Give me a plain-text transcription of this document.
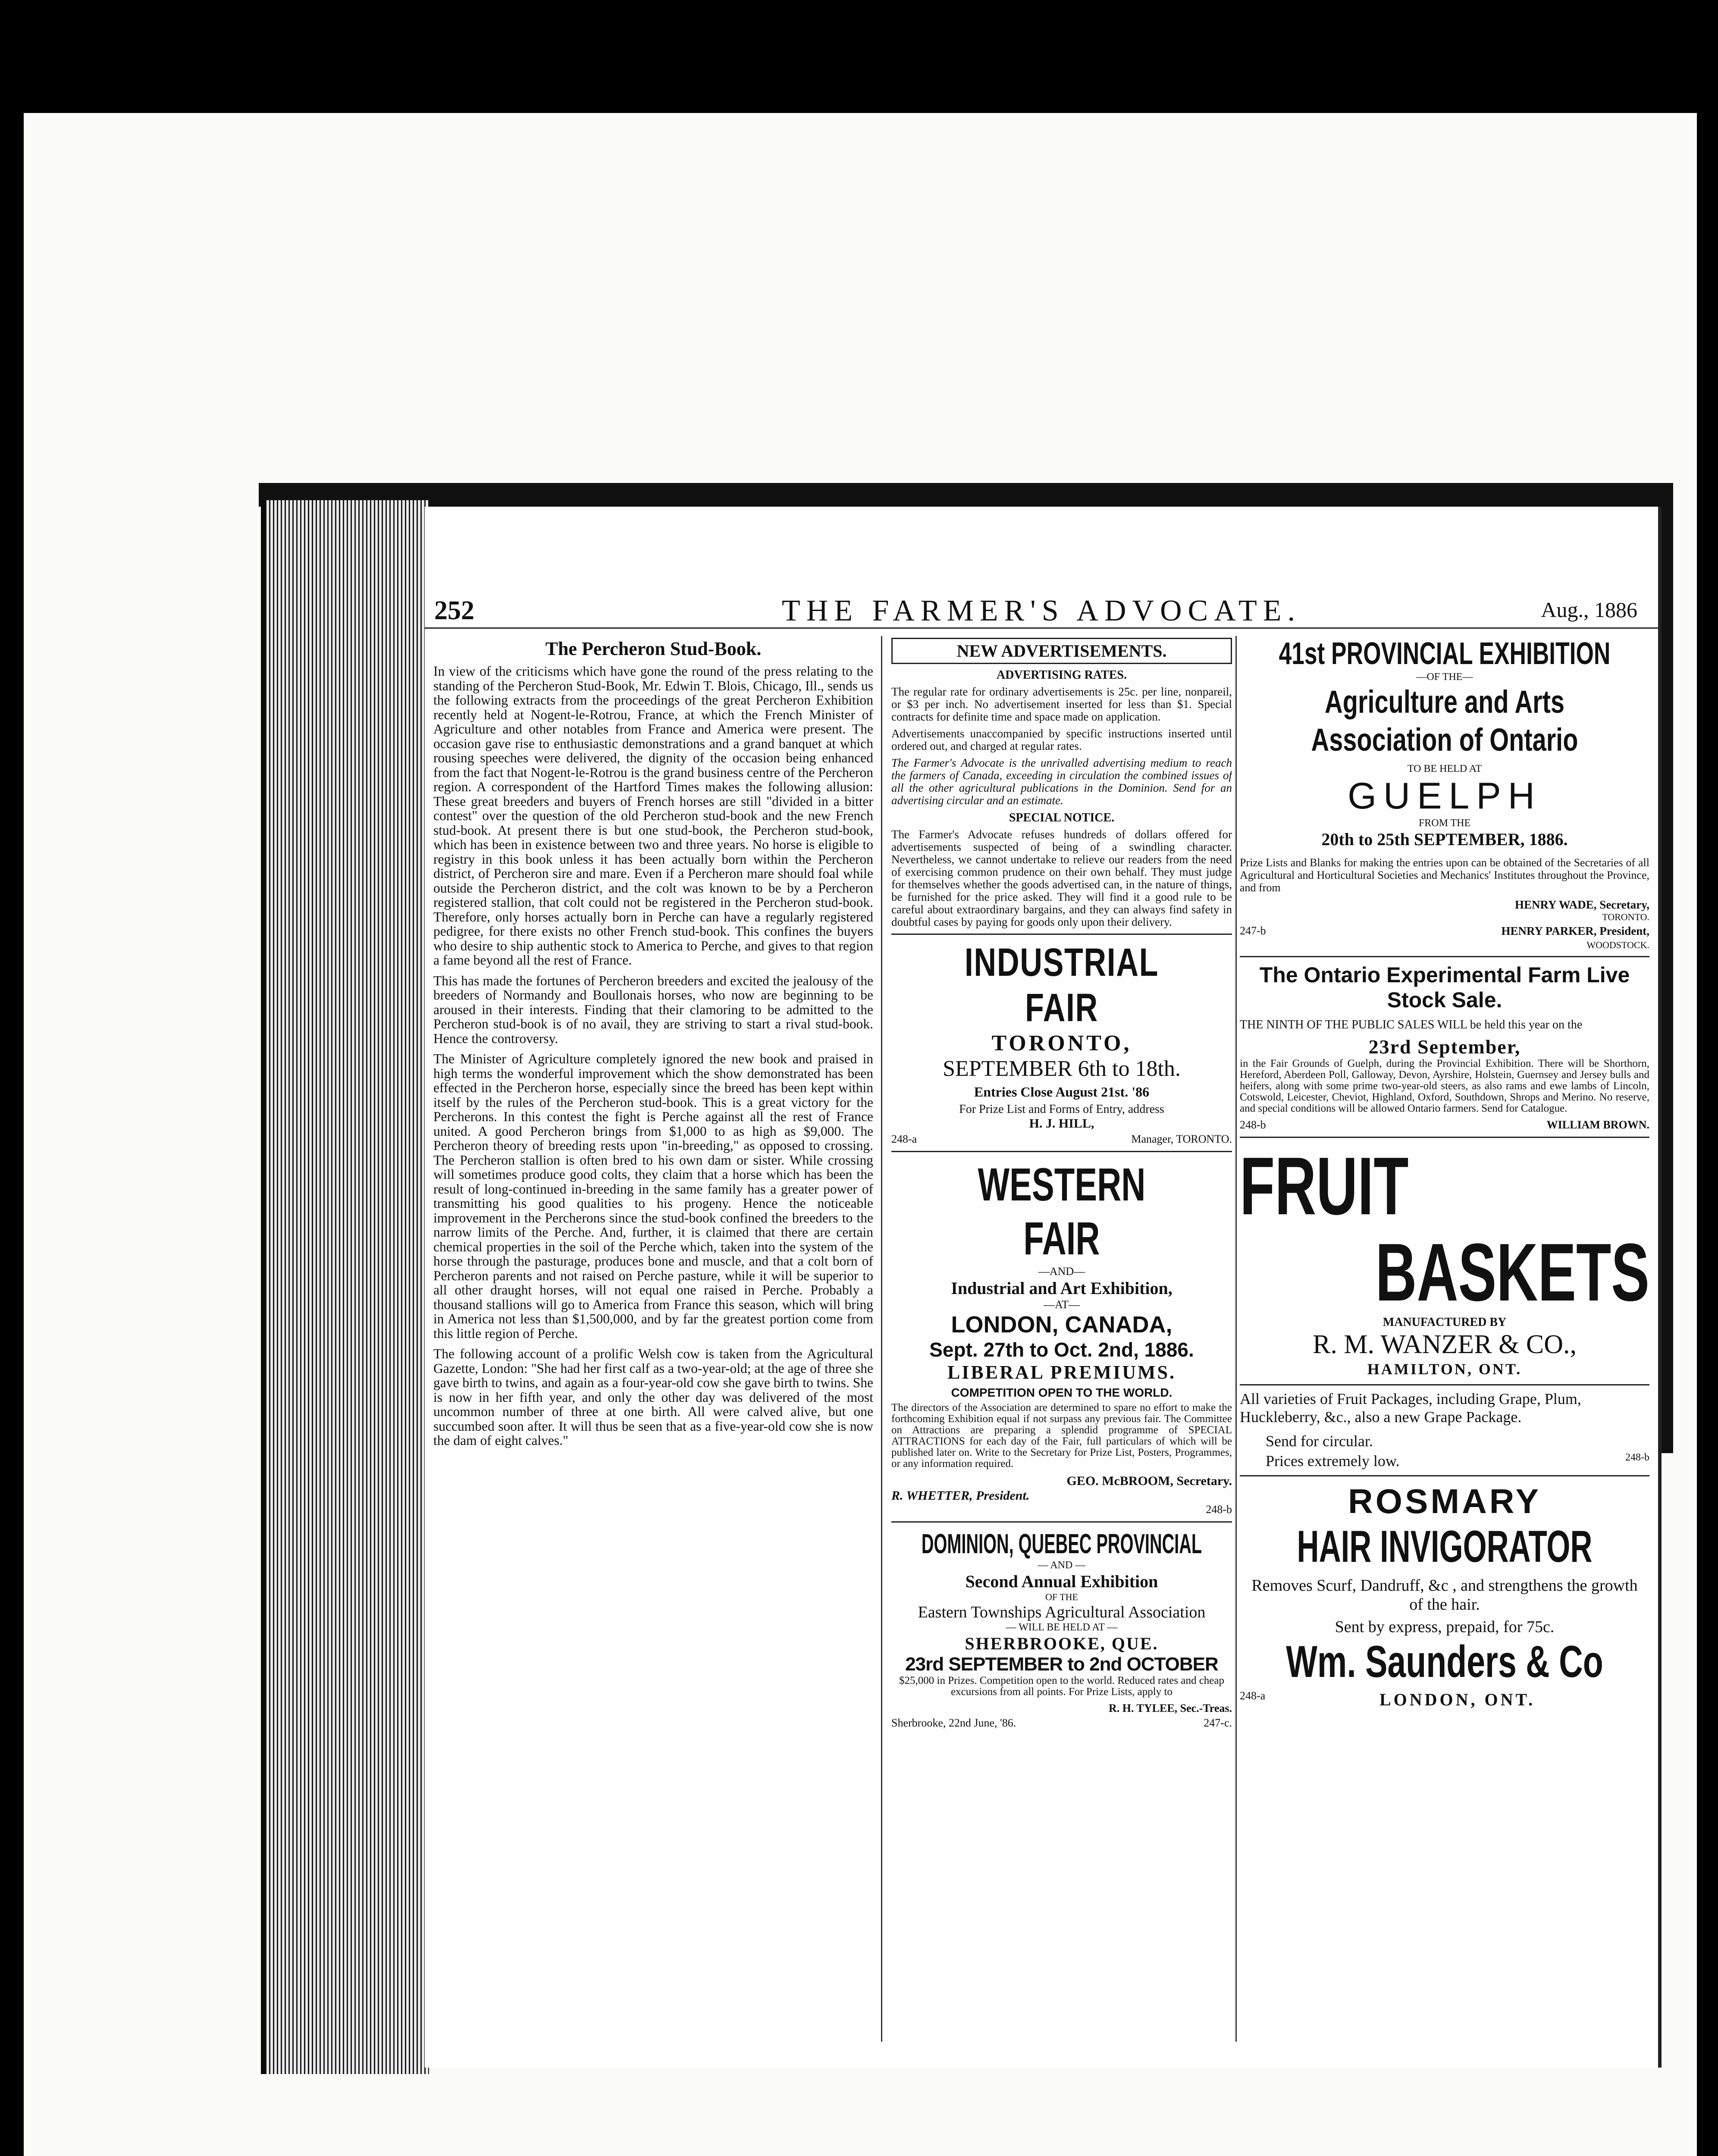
252	THE FARMER'S ADVOCATE.	Aug., 1886
The Percheron Stud-Book.

In view of the criticisms which have gone the round of the press relating to the standing of the Percheron Stud-Book, Mr. Edwin T. Blois, Chicago, Ill., sends us the following extracts from the proceedings of the great Percheron Exhibition recently held at Nogent-le-Rotrou, France, at which the French Minister of Agriculture and other notables from France and America were present. The occasion gave rise to enthusiastic demonstrations and a grand banquet at which rousing speeches were delivered, the dignity of the occasion being enhanced from the fact that Nogent-le-Rotrou is the grand business centre of the Percheron region. A correspondent of the Hartford Times makes the following allusion: These great breeders and buyers of French horses are still "divided in a bitter contest" over the question of the old Percheron stud-book and the new French stud-book. At present there is but one stud-book, the Percheron stud-book, which has been in existence between two and three years. No horse is eligible to registry in this book unless it has been actually born within the Percheron district, of Percheron sire and mare. Even if a Percheron mare should foal while outside the Percheron district, and the colt was known to be by a Percheron registered stallion, that colt could not be registered in the Percheron stud-book. Therefore, only horses actually born in Perche can have a regularly registered pedigree, for there exists no other French stud-book. This confines the buyers who desire to ship authentic stock to America to Perche, and gives to that region a fame beyond all the rest of France.

This has made the fortunes of Percheron breeders and excited the jealousy of the breeders of Normandy and Boullonais horses, who now are beginning to be aroused in their interests. Finding that their clamoring to be admitted to the Percheron stud-book is of no avail, they are striving to start a rival stud-book. Hence the controversy.

The Minister of Agriculture completely ignored the new book and praised in high terms the wonderful improvement which the show demonstrated has been effected in the Percheron horse, especially since the breed has been kept within itself by the rules of the Percheron stud-book. This is a great victory for the Percherons. In this contest the fight is Perche against all the rest of France united. A good Percheron brings from $1,000 to as high as $9,000. The Percheron theory of breeding rests upon "in-breeding," as opposed to crossing. The Percheron stallion is often bred to his own dam or sister. While crossing will sometimes produce good colts, they claim that a horse which has been the result of long-continued in-breeding in the same family has a greater power of transmitting his good qualities to his progeny. Hence the noticeable improvement in the Percherons since the stud-book confined the breeders to the narrow limits of the Perche. And, further, it is claimed that there are certain chemical properties in the soil of the Perche which, taken into the system of the horse through the pasturage, produces bone and muscle, and that a colt born of Percheron parents and not raised on Perche pasture, while it will be superior to all other draught horses, will not equal one raised in Perche. Probably a thousand stallions will go to America from France this season, which will bring in America not less than $1,500,000, and by far the greatest portion come from this little region of Perche.

The following account of a prolific Welsh cow is taken from the Agricultural Gazette, London: "She had her first calf as a two-year-old; at the age of three she gave birth to twins, and again as a four-year-old cow she gave birth to twins. She is now in her fifth year, and only the other day was delivered of the most uncommon number of three at one birth. All were calved alive, but one succumbed soon after. It will thus be seen that as a five-year-old cow she is now the dam of eight calves."

NEW ADVERTISEMENTS.
ADVERTISING RATES.

The regular rate for ordinary advertisements is 25c. per line, nonpareil, or $3 per inch. No advertisement inserted for less than $1. Special contracts for definite time and space made on application.

Advertisements unaccompanied by specific instructions inserted until ordered out, and charged at regular rates.

The Farmer's Advocate is the unrivalled advertising medium to reach the farmers of Canada, exceeding in circulation the combined issues of all the other agricultural publications in the Dominion. Send for an advertising circular and an estimate.

SPECIAL NOTICE.

The Farmer's Advocate refuses hundreds of dollars offered for advertisements suspected of being of a swindling character. Nevertheless, we cannot undertake to relieve our readers from the need of exercising common prudence on their own behalf. They must judge for themselves whether the goods advertised can, in the nature of things, be furnished for the price asked. They will find it a good rule to be careful about extraordinary bargains, and they can always find safety in doubtful cases by paying for goods only upon their delivery.

INDUSTRIAL FAIR
TORONTO,
SEPTEMBER 6th to 18th.
Entries Close August 21st. '86
For Prize List and Forms of Entry, address
H. J. HILL,
248-a	Manager, TORONTO.
WESTERN FAIR
—AND—
Industrial and Art Exhibition,
—AT—
LONDON, CANADA,
Sept. 27th to Oct. 2nd, 1886.
LIBERAL PREMIUMS.
COMPETITION OPEN TO THE WORLD.

The directors of the Association are determined to spare no effort to make the forthcoming Exhibition equal if not surpass any previous fair. The Committee on Attractions are preparing a splendid programme of SPECIAL ATTRACTIONS for each day of the Fair, full particulars of which will be published later on. Write to the Secretary for Prize List, Posters, Programmes, or any information required.

GEO. McBROOM, Secretary.
R. WHETTER, President.
248-b
DOMINION, QUEBEC PROVINCIAL
— AND —
Second Annual Exhibition
OF THE
Eastern Townships Agricultural Association
— WILL BE HELD AT —
SHERBROOKE, QUE.
23rd SEPTEMBER to 2nd OCTOBER

$25,000 in Prizes. Competition open to the world. Reduced rates and cheap excursions from all points. For Prize Lists, apply to

R. H. TYLEE, Sec.-Treas.
Sherbrooke, 22nd June, '86.	247-c.
41st PROVINCIAL EXHIBITION
—OF THE—
Agriculture and Arts Association of Ontario
TO BE HELD AT
GUELPH
FROM THE
20th to 25th SEPTEMBER, 1886.

Prize Lists and Blanks for making the entries upon can be obtained of the Secretaries of all Agricultural and Horticultural Societies and Mechanics' Institutes throughout the Province, and from

HENRY WADE, Secretary,
TORONTO.
247-b	HENRY PARKER, President,
WOODSTOCK.
The Ontario Experimental Farm Live Stock Sale.

THE NINTH OF THE PUBLIC SALES WILL be held this year on the

23rd September,

in the Fair Grounds of Guelph, during the Provincial Exhibition. There will be Shorthorn, Hereford, Aberdeen Poll, Galloway, Devon, Ayrshire, Holstein, Guernsey and Jersey bulls and heifers, along with some prime two-year-old steers, as also rams and ewe lambs of Lincoln, Cotswold, Leicester, Cheviot, Highland, Oxford, Southdown, Shrops and Merino. No reserve, and special conditions will be allowed Ontario farmers. Send for Catalogue.

248-b	WILLIAM BROWN.
FRUIT
BASKETS
MANUFACTURED BY
R. M. WANZER & CO.,
HAMILTON, ONT.

All varieties of Fruit Packages, including Grape, Plum, Huckleberry, &c., also a new Grape Package.

Send for circular.
Prices extremely low.	248-b
ROSMARY
HAIR INVIGORATOR
Removes Scurf, Dandruff, &c , and strengthens the growth of the hair.
Sent by express, prepaid, for 75c.
Wm. Saunders & Co
248-a	LONDON, ONT.
